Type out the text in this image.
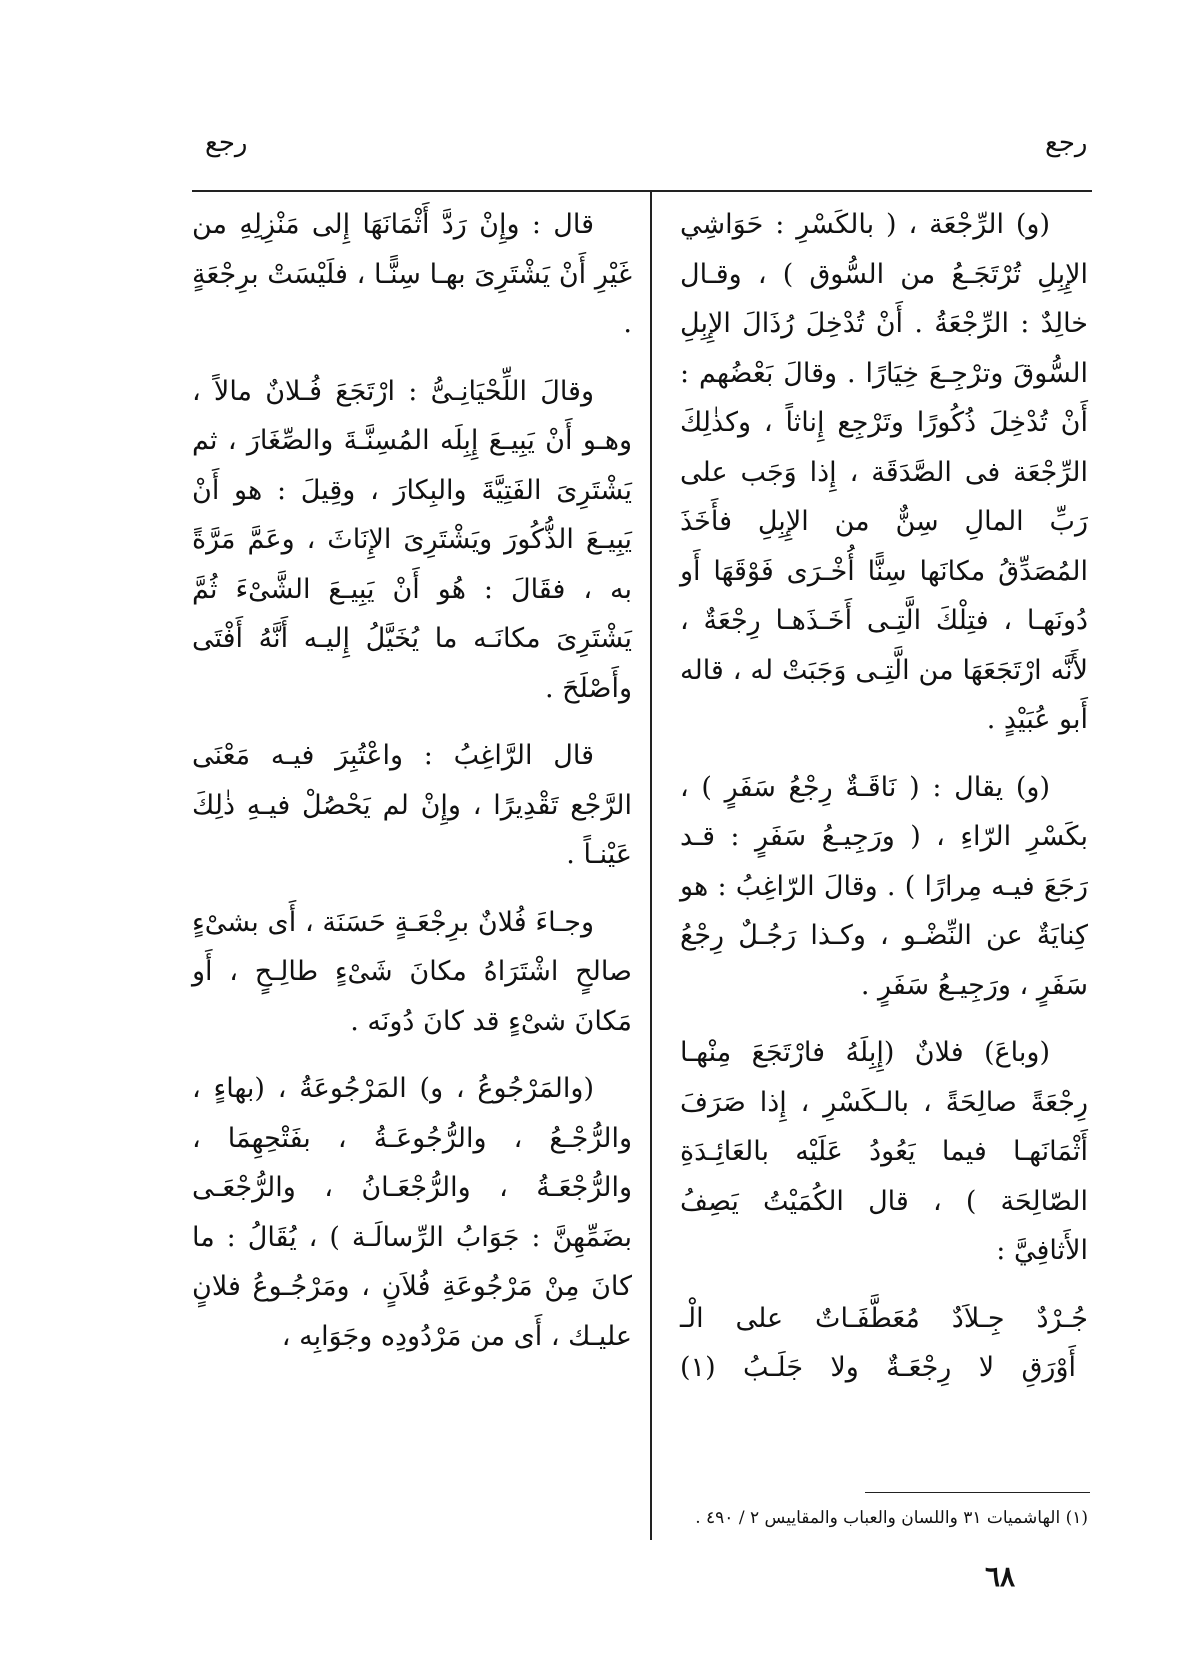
رجع
رجع

(و) الرِّجْعَة ، ( بالكَسْرِ : حَوَاشِي الإِبِلِ تُرْتَجَـعُ من السُّوق ) ، وقـال خالِدٌ : الرِّجْعَةُ . أَنْ تُدْخِلَ رُذَالَ الإِبِلِ السُّوقَ وترْجِـعَ خِيَارًا . وقالَ بَعْضُهم : أَنْ تُدْخِلَ ذُكُورًا وتَرْجِع إِناثاً ، وكذٰلِكَ الرِّجْعَة فى الصَّدَقَة ، إِذا وَجَب على رَبِّ المالِ سِنٌّ من الإِبِلِ فأَخَذَ المُصَدِّقُ مكانَها سِنًّا أُخْـرَى فَوْقَهَا أَو دُونَهـا ، فتِلْكَ الَّتِـى أَخَـذَهـا رِجْعَةٌ ، لأَنَّه ارْتَجَعَهَا من الَّتِـى وَجَبَتْ له ، قاله أَبو عُبَيْدٍ .

(و) يقال : ( نَاقَـةٌ رِجْعُ سَفَرٍ ) ، بكَسْرِ الرّاءِ ، ( ورَجِيـعُ سَفَرٍ : قـد رَجَعَ فيـه مِرارًا ) . وقالَ الرّاغِبُ : هو كِنايَةٌ عن النِّضْـو ، وكـذا رَجُـلٌ رِجْعُ سَفَرٍ ، ورَجِيـعُ سَفَرٍ .

(وباعَ) فلانٌ (إِبِلَهُ فارْتَجَعَ مِنْهـا رِجْعَةً صالِحَةً ، بالـكَسْرِ ، إِذا صَرَفَ أَثْمَانَهـا فيما يَعُودُ عَلَيْه بالعَائِـدَةِ الصّالِحَة ) ، قال الكُمَيْتُ يَصِفُ الأَثافِيَّ :

جُـرْدٌ جِـلاَدٌ مُعَطَّفَـاتٌ على الْـ

أَوْرَقِ لا رِجْعَـةٌ ولا جَلَـبُ (١)

قال : وإِنْ رَدَّ أَثْمَانَهَا إِلى مَنْزِلِهِ من غَيْرِ أَنْ يَشْتَرِىَ بهـا سِنًّـا ، فلَيْسَتْ برِجْعَةٍ .

وقالَ اللِّحْيَانِـىُّ : ارْتَجَعَ فُـلانٌ مالاً ، وهـو أَنْ يَبِيـعَ إِبِلَه المُسِنَّـةَ والصِّغَارَ ، ثم يَشْتَرِىَ الفَتِيَّةَ والبِكارَ ، وقِيلَ : هو أَنْ يَبِيـعَ الذُّكُورَ ويَشْتَرِىَ الإِنَاثَ ، وعَمَّ مَرَّةً به ، فقَالَ : هُو أَنْ يَبِيـعَ الشَّىْءَ ثُمَّ يَشْتَرِىَ مكانَـه ما يُخَيَّلُ إِليـه أَنَّهُ أَفْتَى وأَصْلَحَ .

قال الرَّاغِبُ : واعْتُبِرَ فيـه مَعْنَى الرَّجْع تَقْدِيرًا ، وإِنْ لم يَحْصُلْ فيـهِ ذٰلِكَ عَيْنـاً .

وجـاءَ فُلانٌ برِجْعَـةٍ حَسَنَة ، أَى بشىْءٍ صالحٍ اشْتَرَاهُ مكانَ شَىْءٍ طالِـحٍ ، أَو مَكانَ شىْءٍ قد كانَ دُونَه .

(والمَرْجُوعُ ، و) المَرْجُوعَةُ ، (بهاءٍ ، والرُّجْـعُ ، والرُّجُوعَـةُ ، بفَتْحِهِمَا ، والرُّجْعَـةُ ، والرُّجْعَـانُ ، والرُّجْعَـى بضَمِّهِنَّ : جَوَابُ الرِّسالَـة ) ، يُقَالُ : ما كانَ مِنْ مَرْجُوعَةِ فُلاَنٍ ، ومَرْجُـوعُ فلانٍ عليـك ، أَى من مَرْدُودِه وجَوَابِه ،

(١) الهاشميات ٣١ واللسان والعباب والمقاييس ٢ / ٤٩٠ .
٦٨
